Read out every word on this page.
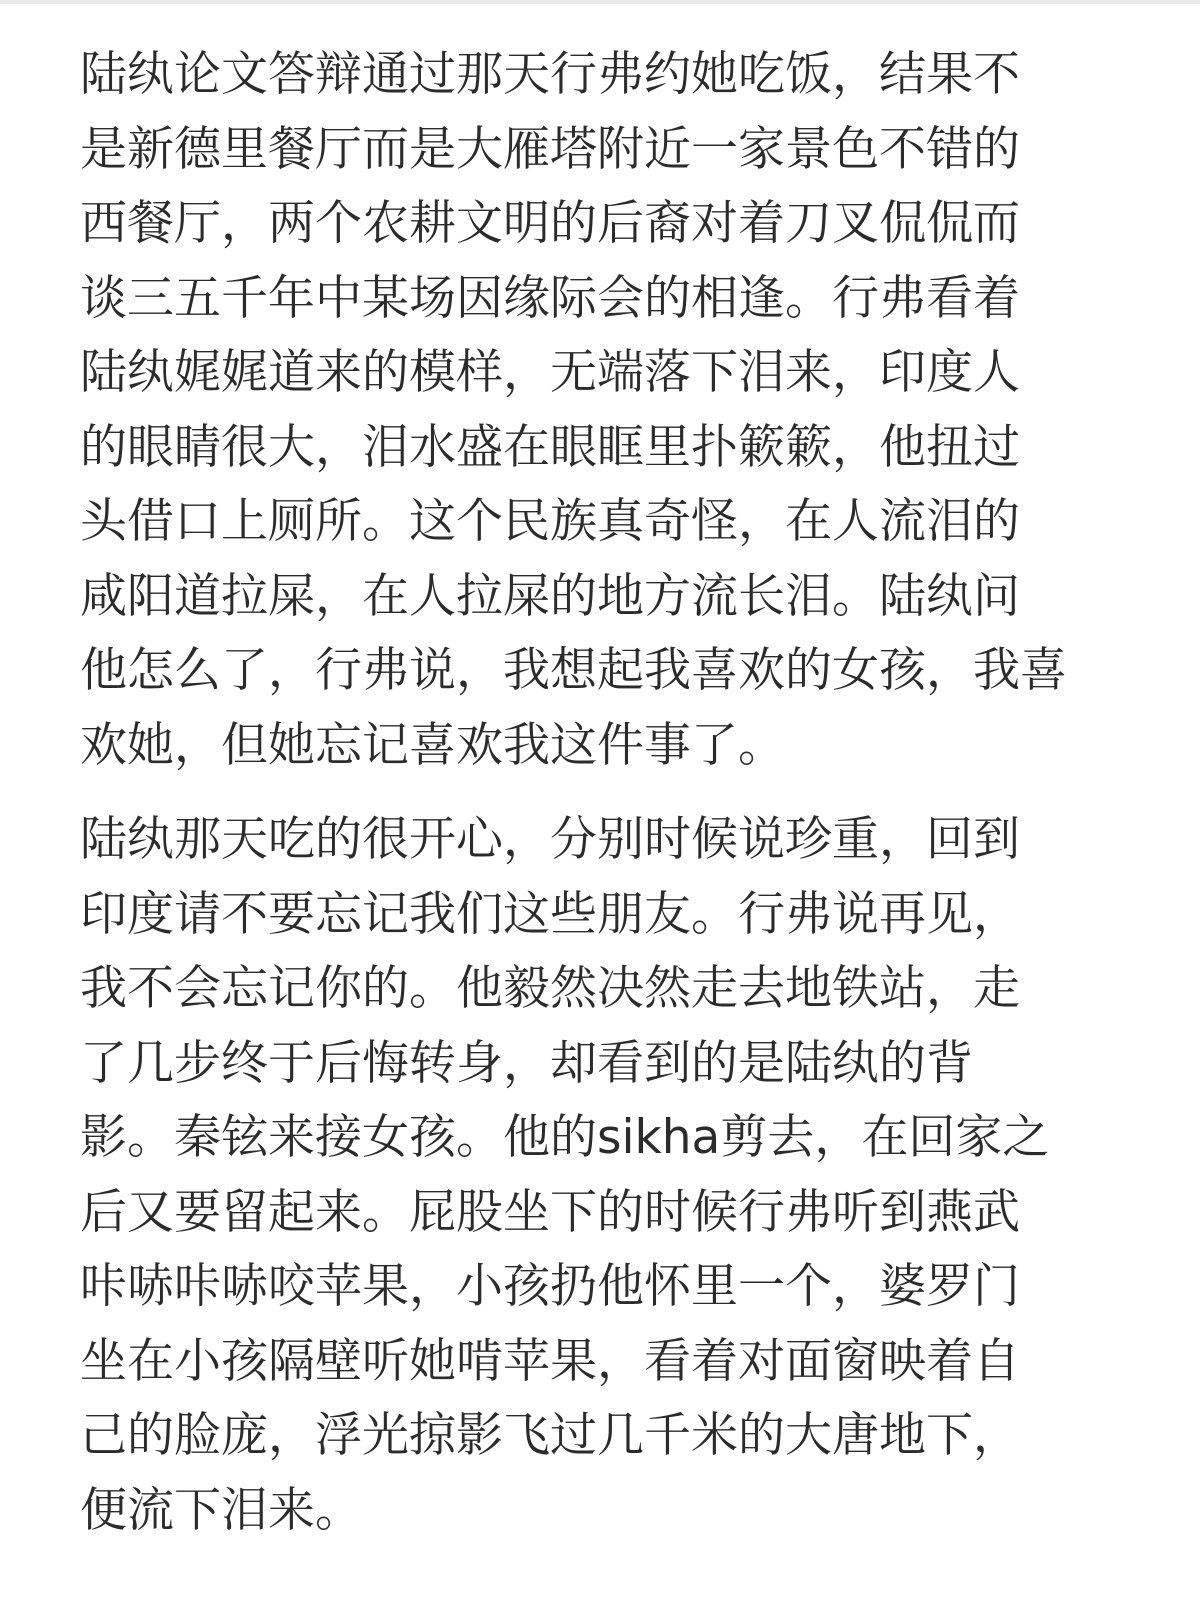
陆纨论文答辩通过那天行弗约她吃饭，结果不
是新德里餐厅而是大雁塔附近一家景色不错的
西餐厅，两个农耕文明的后裔对着刀叉侃侃而
谈三五千年中某场因缘际会的相逢。行弗看着
陆纨娓娓道来的模样，无端落下泪来，印度人
的眼睛很大，泪水盛在眼眶里扑簌簌，他扭过
头借口上厕所。这个民族真奇怪，在人流泪的
咸阳道拉屎，在人拉屎的地方流长泪。陆纨问
他怎么了，行弗说，我想起我喜欢的女孩，我喜
欢她，但她忘记喜欢我这件事了。

陆纨那天吃的很开心，分别时候说珍重，回到
印度请不要忘记我们这些朋友。行弗说再见，
我不会忘记你的。他毅然决然走去地铁站，走
了几步终于后悔转身，却看到的是陆纨的背
影。秦铉来接女孩。他的sikha剪去，在回家之
后又要留起来。屁股坐下的时候行弗听到燕武
咔哧咔哧咬苹果，小孩扔他怀里一个，婆罗门
坐在小孩隔壁听她啃苹果，看着对面窗映着自
己的脸庞，浮光掠影飞过几千米的大唐地下，
便流下泪来。
